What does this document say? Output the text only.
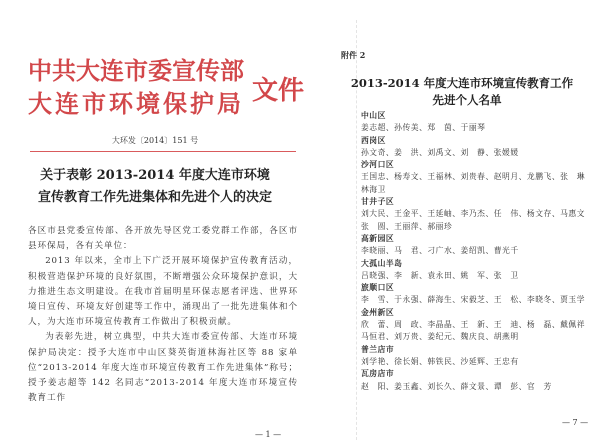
中共大连市委宣传部
大连市环境保护局 文件
大环发〔2014〕151 号
关于表彰 2013-2014 年度大连市环境
宣传教育工作先进集体和先进个人的决定

各区市县党委宣传部、各开放先导区党工委党群工作部，各区市县环保局，各有关单位：

2013 年以来，全市上下广泛开展环境保护宣传教育活动，积极营造保护环境的良好氛围，不断增强公众环境保护意识，大力推进生态文明建设。在我市首届明星环保志愿者评选、世界环境日宣传、环境友好创建等工作中，涌现出了一批先进集体和个人，为大连市环境宣传教育工作做出了积极贡献。

为表彰先进，树立典型，中共大连市委宣传部、大连市环境保护局决定：授予大连市中山区葵英街道林海社区等 88 家单位“2013-2014 年度大连市环境宣传教育工作先进集体”称号；授予姜志超等 142 名同志“2013-2014 年度大连市环境宣传教育工作

— 1 —
附件 2
2013-2014 年度大连市环境宣传教育工作
先进个人名单
中山区
姜志超、孙传美、郑　茵、于丽琴
西岗区
孙文奇、姜　洪、刘禹文、刘　静、张媛媛
沙河口区
王国忠、杨寿文、王福林、刘贵春、赵明月、龙鹏飞、张　琳
林海卫
甘井子区
刘大民、王金平、王延岫、李乃杰、任　伟、杨文存、马惠文
张　圆、王丽萍、郝丽珍
高新园区
李晓丽、马　君、刁广水、姜绍凯、曹光千
大孤山半岛
吕晓强、李　新、袁永田、姚　军、张　卫
旅顺口区
李　雪、于永强、薛海生、宋毅芝、王　松、李晓冬、贾玉学
金州新区
欣　蕾、周　政、李晶晶、王　新、王　迪、杨　磊、戴佩祥
马恒君、刘万贵、姜纪元、魏庆良、胡燕明
普兰店市
刘学艳、徐长娟、韩铁民、沙延辉、王忠有
瓦房店市
赵　阳、姜玉鑫、刘长久、薛文景、谭　彭、官　芳
— 7 —
